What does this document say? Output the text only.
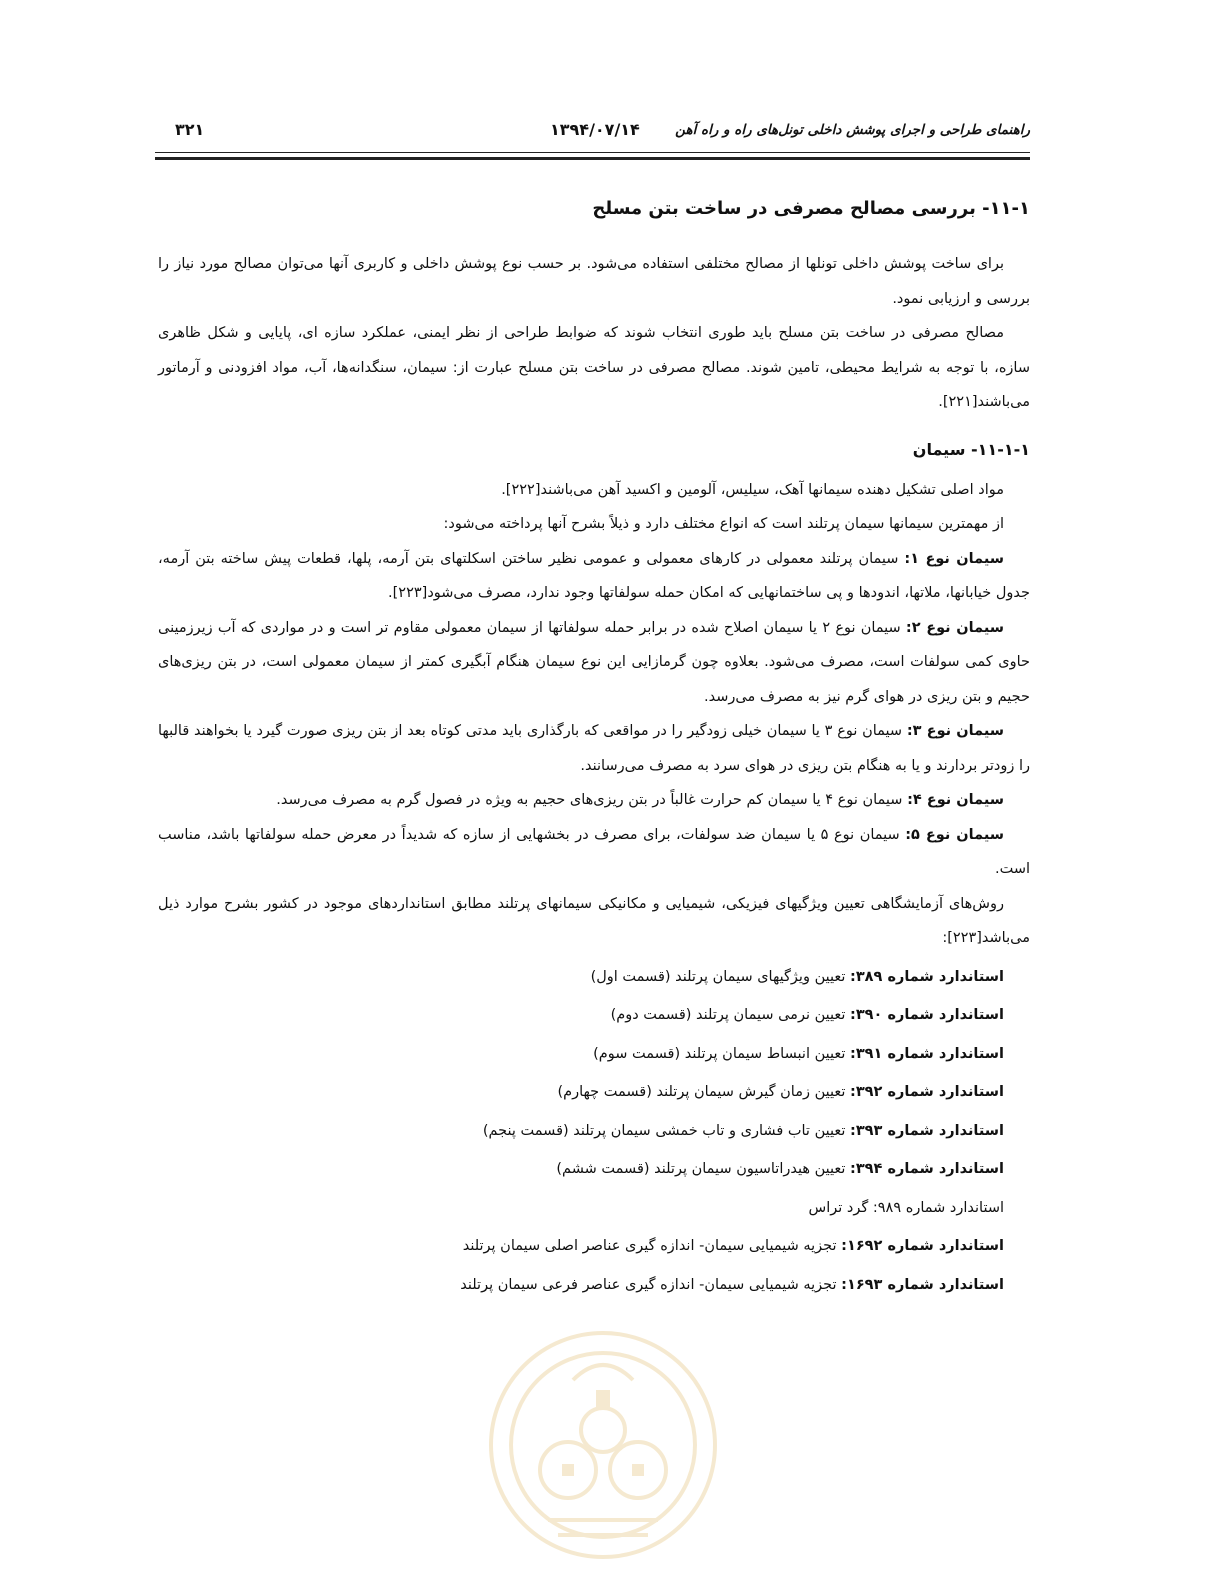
راهنمای طراحی و اجرای پوشش داخلی تونل‌های راه و راه آهن
۱۳۹۴/۰۷/۱۴
۳۲۱
۱۱-۱- بررسی مصالح مصرفی در ساخت بتن مسلح

برای ساخت پوشش داخلی تونلها از مصالح مختلفی استفاده می‌شود. بر حسب نوع پوشش داخلی و کاربری آنها می‌توان مصالح مورد نیاز را بررسی و ارزیابی نمود.

مصالح مصرفی در ساخت بتن مسلح باید طوری انتخاب شوند که ضوابط طراحی از نظر ایمنی، عملکرد سازه ای، پایایی و شکل ظاهری سازه، با توجه به شرایط محیطی، تامین شوند. مصالح مصرفی در ساخت بتن مسلح عبارت از: سیمان، سنگدانه‌ها، آب، مواد افزودنی و آرماتور می‌باشند[۲۲۱].

۱۱-۱-۱- سیمان

مواد اصلی تشکیل دهنده سیمانها آهک، سیلیس، آلومین و اکسید آهن می‌باشند[۲۲۲].

از مهمترین سیمانها سیمان پرتلند است که انواع مختلف دارد و ذیلاً بشرح آنها پرداخته می‌شود:

سیمان نوع ۱: سیمان پرتلند معمولی در کارهای معمولی و عمومی نظیر ساختن اسکلتهای بتن آرمه، پلها، قطعات پیش ساخته بتن آرمه، جدول خیابانها، ملاتها، اندودها و پی ساختمانهایی که امکان حمله سولفاتها وجود ندارد، مصرف می‌شود[۲۲۳].

سیمان نوع ۲: سیمان نوع ۲ یا سیمان اصلاح شده در برابر حمله سولفاتها از سیمان معمولی مقاوم تر است و در مواردی که آب زیرزمینی حاوی کمی سولفات است، مصرف می‌شود. بعلاوه چون گرمازایی این نوع سیمان هنگام آبگیری کمتر از سیمان معمولی است، در بتن ریزی‌های حجیم و بتن ریزی در هوای گرم نیز به مصرف می‌رسد.

سیمان نوع ۳: سیمان نوع ۳ یا سیمان خیلی زودگیر را در مواقعی که بارگذاری باید مدتی کوتاه بعد از بتن ریزی صورت گیرد یا بخواهند قالبها را زودتر بردارند و یا به هنگام بتن ریزی در هوای سرد به مصرف می‌رسانند.

سیمان نوع ۴: سیمان نوع ۴ یا سیمان کم حرارت غالباً در بتن ریزی‌های حجیم به ویژه در فصول گرم به مصرف می‌رسد.

سیمان نوع ۵: سیمان نوع ۵ یا سیمان ضد سولفات، برای مصرف در بخشهایی از سازه که شدیداً در معرض حمله سولفاتها باشد، مناسب است.

روش‌های آزمایشگاهی تعیین ویژگیهای فیزیکی، شیمیایی و مکانیکی سیمانهای پرتلند مطابق استانداردهای موجود در کشور بشرح موارد ذیل می‌باشد[۲۲۳]:

استاندارد شماره ۳۸۹: تعیین ویژگیهای سیمان پرتلند (قسمت اول)
استاندارد شماره ۳۹۰: تعیین نرمی سیمان پرتلند (قسمت دوم)
استاندارد شماره ۳۹۱: تعیین انبساط سیمان پرتلند (قسمت سوم)
استاندارد شماره ۳۹۲: تعیین زمان گیرش سیمان پرتلند (قسمت چهارم)
استاندارد شماره ۳۹۳: تعیین تاب فشاری و تاب خمشی سیمان پرتلند (قسمت پنجم)
استاندارد شماره ۳۹۴: تعیین هیدراتاسیون سیمان پرتلند (قسمت ششم)
استاندارد شماره ۹۸۹: گرد تراس
استاندارد شماره ۱۶۹۲: تجزیه شیمیایی سیمان- اندازه گیری عناصر اصلی سیمان پرتلند
استاندارد شماره ۱۶۹۳: تجزیه شیمیایی سیمان- اندازه گیری عناصر فرعی سیمان پرتلند
